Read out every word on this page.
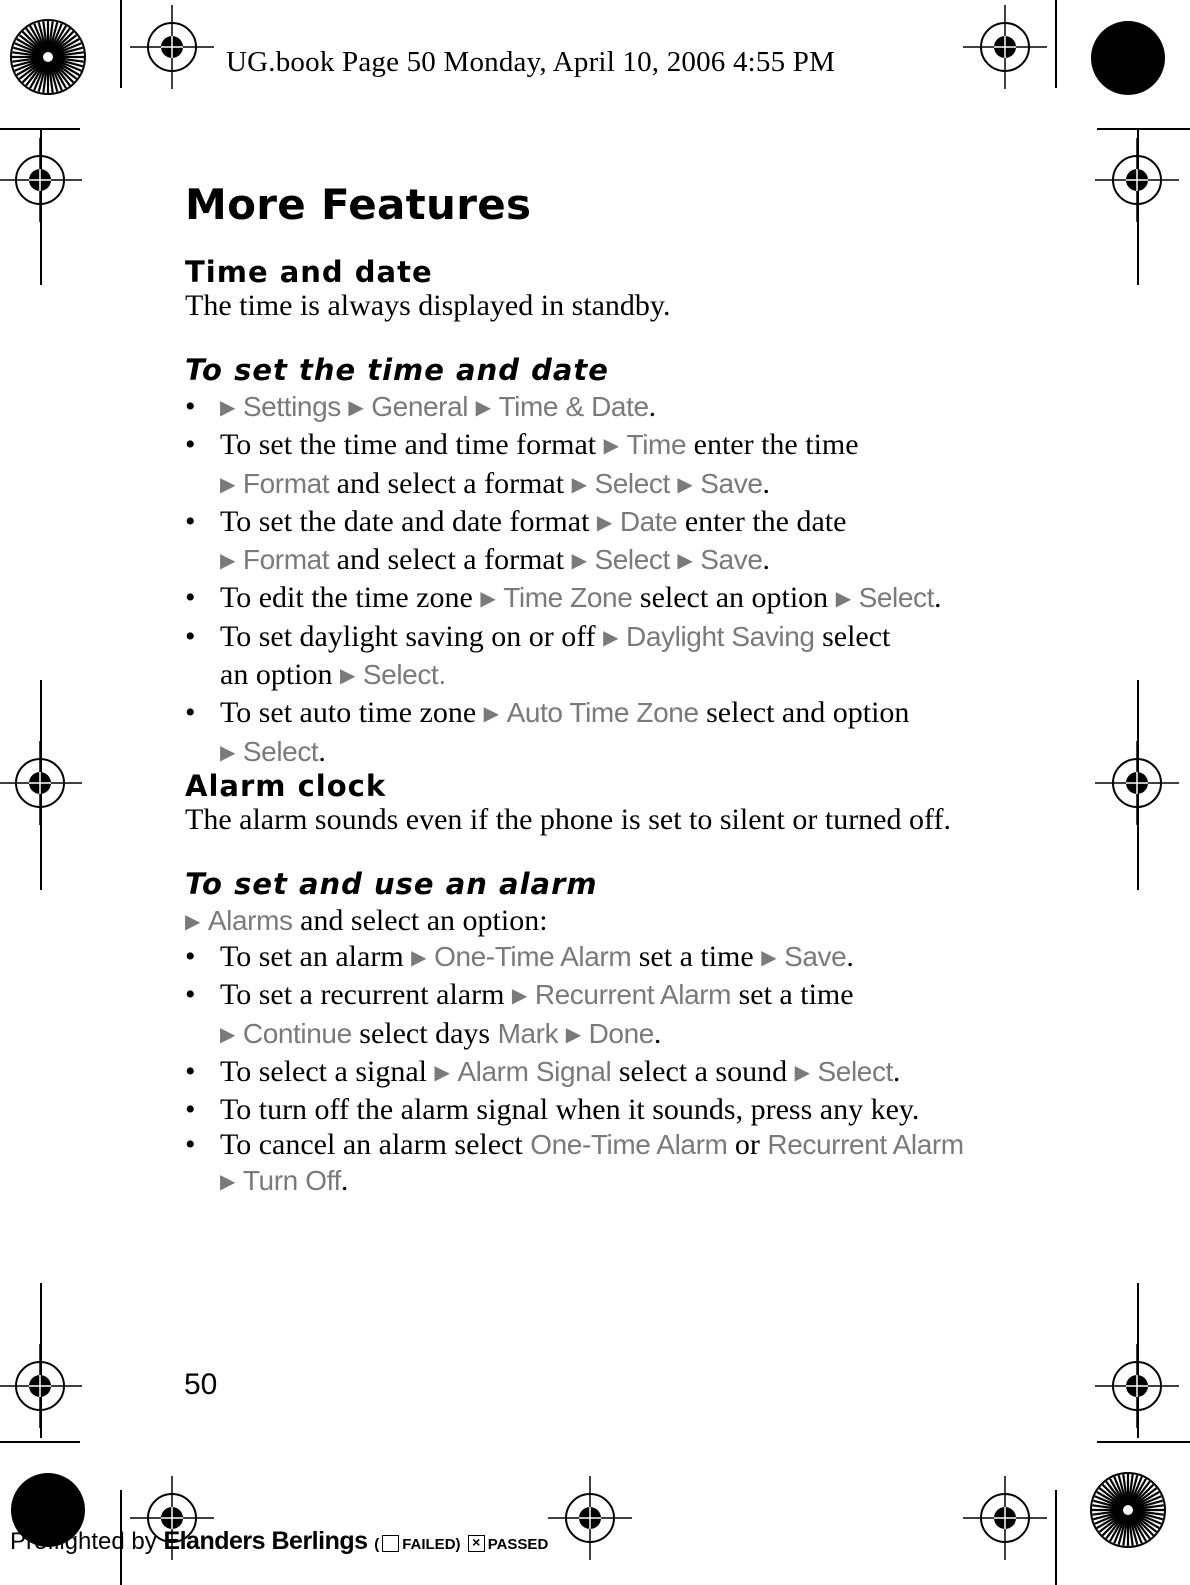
UG.book Page 50 Monday, April 10, 2006 4:55 PM
More Features
Time and date
The time is always displayed in standby.
To set the time and date
• ▶ Settings ▶ General ▶ Time & Date.
• To set the time and time format ▶ Time enter the time
▶ Format and select a format ▶ Select ▶ Save.
• To set the date and date format ▶ Date enter the date
▶ Format and select a format ▶ Select ▶ Save.
• To edit the time zone ▶ Time Zone select an option ▶ Select.
• To set daylight saving on or off ▶ Daylight Saving select
an option ▶ Select.
• To set auto time zone ▶ Auto Time Zone select and option
▶ Select.
Alarm clock
The alarm sounds even if the phone is set to silent or turned off.
To set and use an alarm
▶ Alarms and select an option:
• To set an alarm ▶ One-Time Alarm set a time ▶ Save.
• To set a recurrent alarm ▶ Recurrent Alarm set a time
▶ Continue select days Mark ▶ Done.
• To select a signal ▶ Alarm Signal select a sound ▶ Select.
• To turn off the alarm signal when it sounds, press any key.
• To cancel an alarm select One-Time Alarm or Recurrent Alarm
▶ Turn Off.
50
Preflighted by Elanders Berlings ( FAILED) × PASSED
